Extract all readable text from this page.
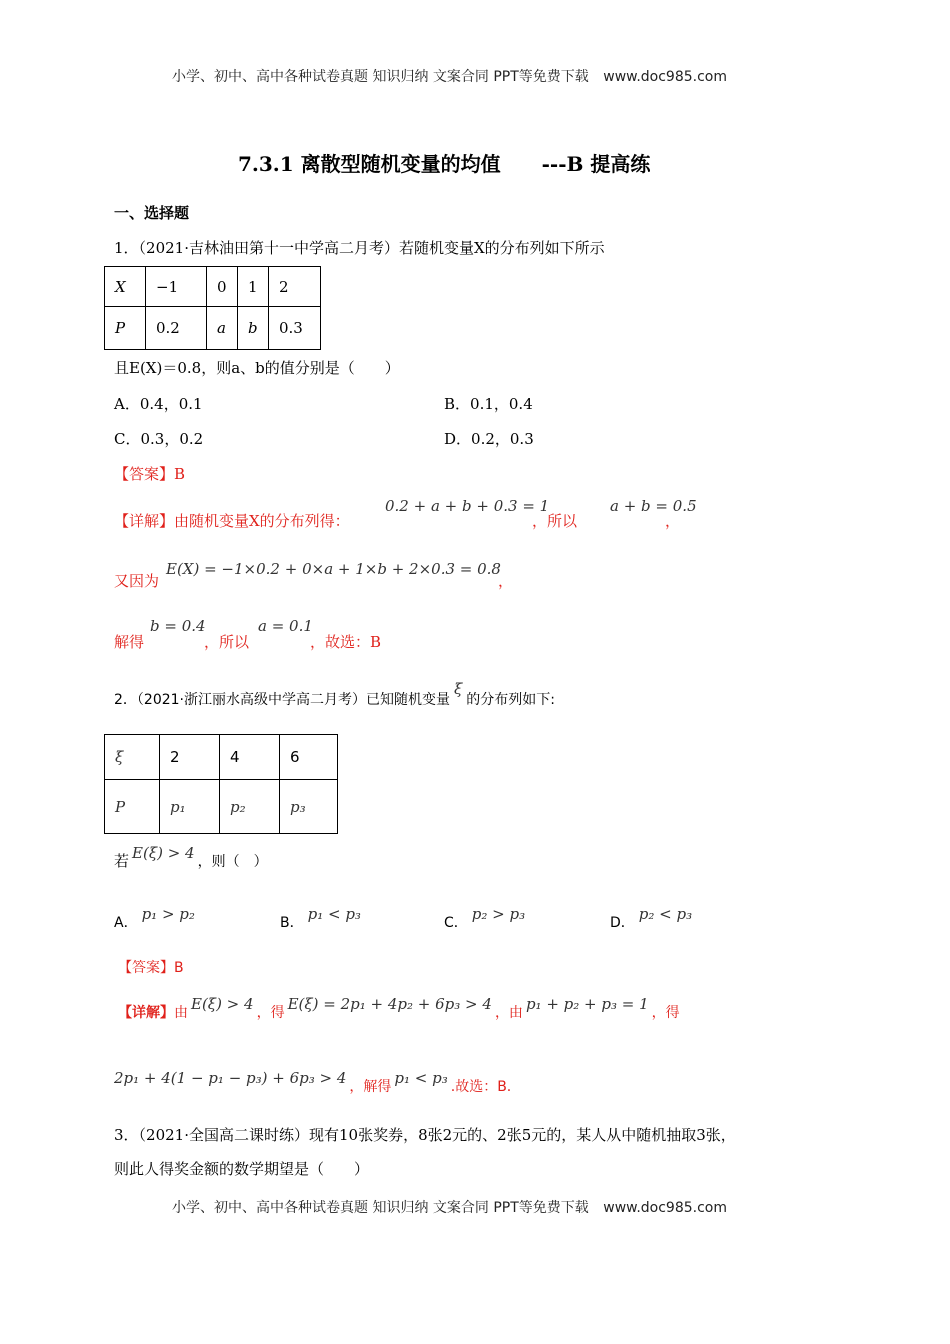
小学、初中、高中各种试卷真题 知识归纳 文案合同 PPT等免费下载 www.doc985.com
7.3.1 离散型随机变量的均值 ---B 提高练
一、选择题
1．（2021·吉林油田第十一中学高二月考）若随机变量X的分布列如下所示
X	−1	0	1	2
P	0.2	a	b	0.3
且E(X)＝0.8，则a、b的值分别是（　　）
A．0.4，0.1	B．0.1，0.4
C．0.3，0.2	D．0.2，0.3
【答案】B
【详解】由随机变量X的分布列得：
0.2 + a + b + 0.3 = 1
，所以
a + b = 0.5
，
又因为
E(X) = −1×0.2 + 0×a + 1×b + 2×0.3 = 0.8
，
解得
b = 0.4
，所以
a = 0.1
，故选：B
2．（2021·浙江丽水高级中学高二月考）已知随机变量ξ的分布列如下:
ξ	2	4	6
P	p₁	p₂	p₃
若 E(ξ) > 4 ，则（　）
A． p₁ > p₂	B． p₁ < p₃	C． p₂ > p₃	D． p₂ < p₃
【答案】B
【详解】由 E(ξ) > 4 ，得 E(ξ) = 2p₁ + 4p₂ + 6p₃ > 4 ，由 p₁ + p₂ + p₃ = 1 ，得
2p₁ + 4(1 − p₁ − p₃) + 6p₃ > 4 ，解得 p₁ < p₃ .故选：B.
3．（2021·全国高二课时练）现有10张奖券，8张2元的、2张5元的，某人从中随机抽取3张，
则此人得奖金额的数学期望是（　　）
小学、初中、高中各种试卷真题 知识归纳 文案合同 PPT等免费下载 www.doc985.com
